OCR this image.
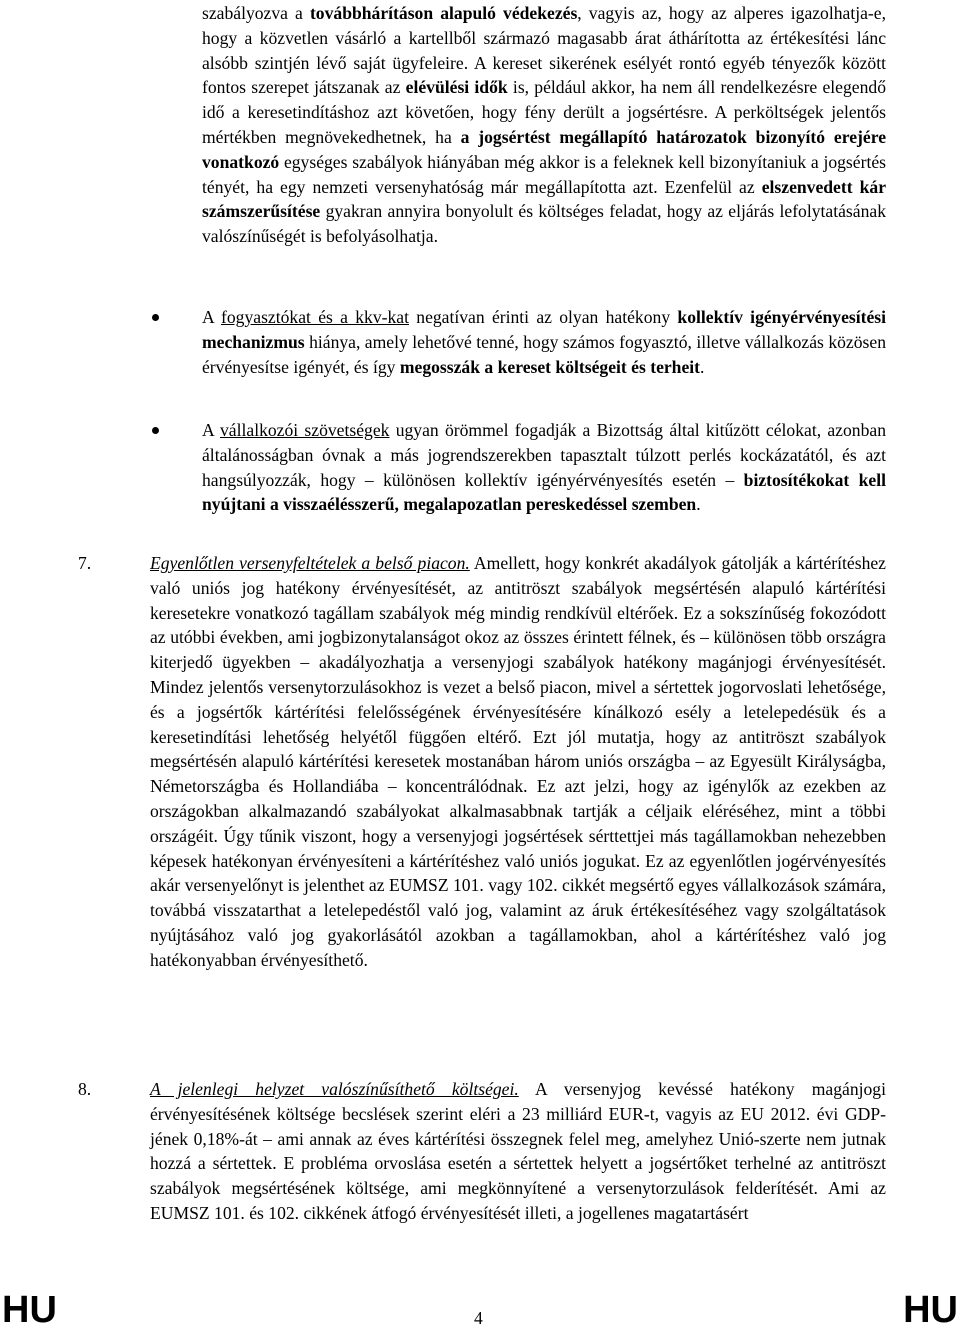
szabályozva a továbbhárításon alapuló védekezés, vagyis az, hogy az alperes igazolhatja-e, hogy a közvetlen vásárló a kartellből származó magasabb árat áthárította az értékesítési lánc alsóbb szintjén lévő saját ügyfeleire. A kereset sikerének esélyét rontó egyéb tényezők között fontos szerepet játszanak az elévülési idők is, például akkor, ha nem áll rendelkezésre elegendő idő a keresetindításhoz azt követően, hogy fény derült a jogsértésre. A perköltségek jelentős mértékben megnövekedhetnek, ha a jogsértést megállapító határozatok bizonyító erejére vonatkozó egységes szabályok hiányában még akkor is a feleknek kell bizonyítaniuk a jogsértés tényét, ha egy nemzeti versenyhatóság már megállapította azt. Ezenfelül az elszenvedett kár számszerűsítése gyakran annyira bonyolult és költséges feladat, hogy az eljárás lefolytatásának valószínűségét is befolyásolhatja.

A fogyasztókat és a kkv-kat negatívan érinti az olyan hatékony kollektív igényérvényesítési mechanizmus hiánya, amely lehetővé tenné, hogy számos fogyasztó, illetve vállalkozás közösen érvényesítse igényét, és így megosszák a kereset költségeit és terheit.

A vállalkozói szövetségek ugyan örömmel fogadják a Bizottság által kitűzött célokat, azonban általánosságban óvnak a más jogrendszerekben tapasztalt túlzott perlés kockázatától, és azt hangsúlyozzák, hogy – különösen kollektív igényérvényesítés esetén – biztosítékokat kell nyújtani a visszaélésszerű, megalapozatlan pereskedéssel szemben.

7.	Egyenlőtlen versenyfeltételek a belső piacon. Amellett, hogy konkrét akadályok gátolják a kártérítéshez való uniós jog hatékony érvényesítését, az antitröszt szabályok megsértésén alapuló kártérítési keresetekre vonatkozó tagállam szabályok még mindig rendkívül eltérőek. Ez a sokszínűség fokozódott az utóbbi években, ami jogbizonytalanságot okoz az összes érintett félnek, és – különösen több országra kiterjedő ügyekben – akadályozhatja a versenyjogi szabályok hatékony magánjogi érvényesítését. Mindez jelentős versenytorzulásokhoz is vezet a belső piacon, mivel a sértettek jogorvoslati lehetősége, és a jogsértők kártérítési felelősségének érvényesítésére kínálkozó esély a letelepedésük és a keresetindítási lehetőség helyétől függően eltérő. Ezt jól mutatja, hogy az antitröszt szabályok megsértésén alapuló kártérítési keresetek mostanában három uniós országba – az Egyesült Királyságba, Németországba és Hollandiába – koncentrálódnak. Ez azt jelzi, hogy az igénylők az ezekben az országokban alkalmazandó szabályokat alkalmasabbnak tartják a céljaik eléréséhez, mint a többi országéit. Úgy tűnik viszont, hogy a versenyjogi jogsértések sérttettjei más tagállamokban nehezebben képesek hatékonyan érvényesíteni a kártérítéshez való uniós jogukat. Ez az egyenlőtlen jogérvényesítés akár versenyelőnyt is jelenthet az EUMSZ 101. vagy 102. cikkét megsértő egyes vállalkozások számára, továbbá visszatarthat a letelepedéstől való jog, valamint az áruk értékesítéséhez vagy szolgáltatások nyújtásához való jog gyakorlásától azokban a tagállamokban, ahol a kártérítéshez való jog hatékonyabban érvényesíthető.

8.	A jelenlegi helyzet valószínűsíthető költségei. A versenyjog kevéssé hatékony magánjogi érvényesítésének költsége becslések szerint eléri a 23 milliárd EUR-t, vagyis az EU 2012. évi GDP-jének 0,18%-át – ami annak az éves kártérítési összegnek felel meg, amelyhez Unió-szerte nem jutnak hozzá a sértettek. E probléma orvoslása esetén a sértettek helyett a jogsértőket terhelné az antitröszt szabályok megsértésének költsége, ami megkönnyítené a versenytorzulások felderítését. Ami az EUMSZ 101. és 102. cikkének átfogó érvényesítését illeti, a jogellenes magatartásért

HU	4	HU
